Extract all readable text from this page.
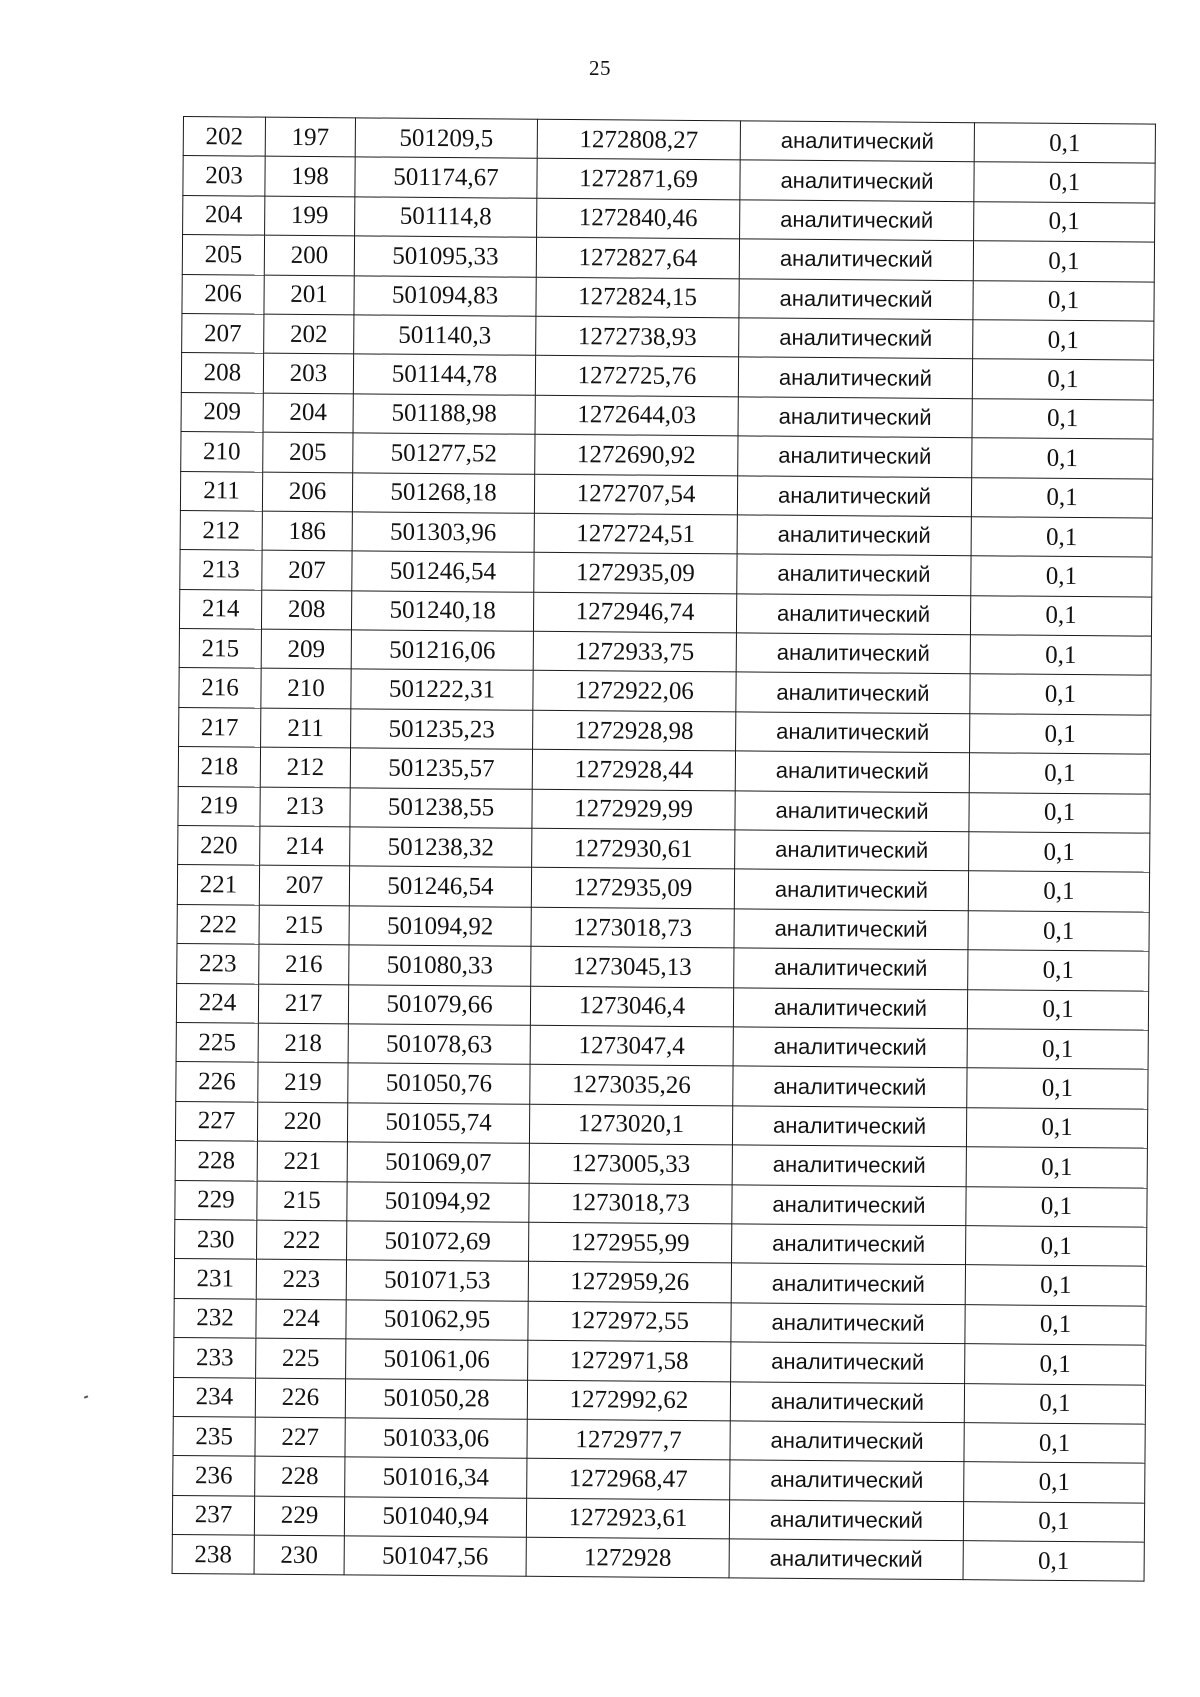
25
202	197	501209,5	1272808,27	аналитический	0,1
203	198	501174,67	1272871,69	аналитический	0,1
204	199	501114,8	1272840,46	аналитический	0,1
205	200	501095,33	1272827,64	аналитический	0,1
206	201	501094,83	1272824,15	аналитический	0,1
207	202	501140,3	1272738,93	аналитический	0,1
208	203	501144,78	1272725,76	аналитический	0,1
209	204	501188,98	1272644,03	аналитический	0,1
210	205	501277,52	1272690,92	аналитический	0,1
211	206	501268,18	1272707,54	аналитический	0,1
212	186	501303,96	1272724,51	аналитический	0,1
213	207	501246,54	1272935,09	аналитический	0,1
214	208	501240,18	1272946,74	аналитический	0,1
215	209	501216,06	1272933,75	аналитический	0,1
216	210	501222,31	1272922,06	аналитический	0,1
217	211	501235,23	1272928,98	аналитический	0,1
218	212	501235,57	1272928,44	аналитический	0,1
219	213	501238,55	1272929,99	аналитический	0,1
220	214	501238,32	1272930,61	аналитический	0,1
221	207	501246,54	1272935,09	аналитический	0,1
222	215	501094,92	1273018,73	аналитический	0,1
223	216	501080,33	1273045,13	аналитический	0,1
224	217	501079,66	1273046,4	аналитический	0,1
225	218	501078,63	1273047,4	аналитический	0,1
226	219	501050,76	1273035,26	аналитический	0,1
227	220	501055,74	1273020,1	аналитический	0,1
228	221	501069,07	1273005,33	аналитический	0,1
229	215	501094,92	1273018,73	аналитический	0,1
230	222	501072,69	1272955,99	аналитический	0,1
231	223	501071,53	1272959,26	аналитический	0,1
232	224	501062,95	1272972,55	аналитический	0,1
233	225	501061,06	1272971,58	аналитический	0,1
234	226	501050,28	1272992,62	аналитический	0,1
235	227	501033,06	1272977,7	аналитический	0,1
236	228	501016,34	1272968,47	аналитический	0,1
237	229	501040,94	1272923,61	аналитический	0,1
238	230	501047,56	1272928	аналитический	0,1
